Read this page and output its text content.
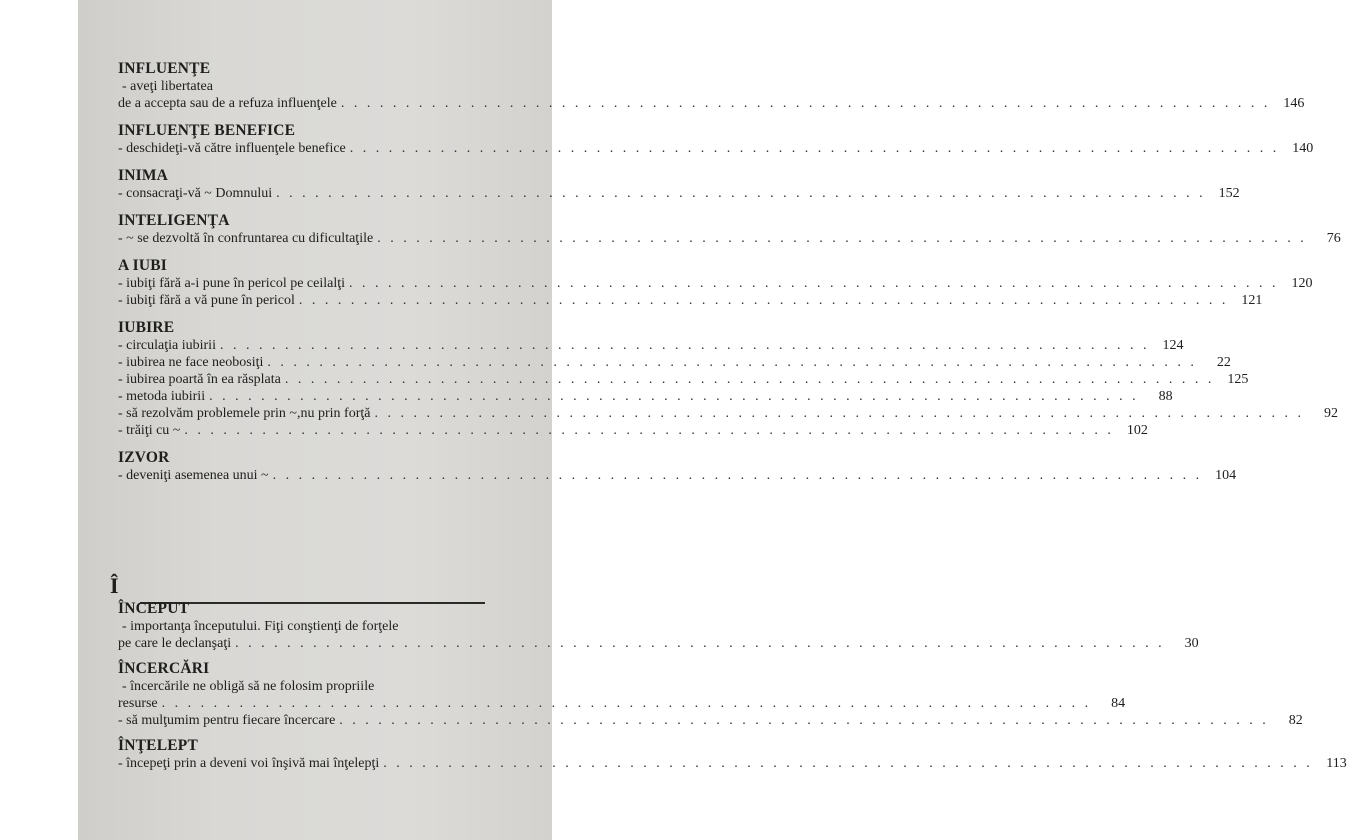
INFLUENŢE
- aveţi libertatea
de a accepta sau de a refuza influenţele . . .	146
INFLUENŢE BENEFICE
- deschideţi-vă către influenţele benefice . . .	140
INIMA
- consacraţi-vă ~ Domnului . . .	152
INTELIGENŢA
- ~ se dezvoltă în confruntarea cu dificultaţile . . .	76
A IUBI
- iubiţi fără a-i pune în pericol pe ceilalţi . . .	120
- iubiţi fără a vă pune în pericol . . .	121
IUBIRE
- circulaţia iubirii . . .	124
- iubirea ne face neobosiţi . . .	22
- iubirea poartă în ea răsplata . . .	125
- metoda iubirii . . .	88
- să rezolvăm problemele prin ~,nu prin forţă . . .	92
- trăiţi cu ~ . . .	102
IZVOR
- deveniţi asemenea unui ~ . . .	104
Î
ÎNCEPUT
- importanţa începutului. Fiţi conştienţi de forţele
pe care le declanşaţi . . .	30
ÎNCERCĂRI
- încercările ne obligă să ne folosim propriile
resurse . . .	84
- să mulţumim pentru fiecare încercare . . .	82
ÎNŢELEPT
- începeţi prin a deveni voi înşivă mai înţelepţi . . .	113
